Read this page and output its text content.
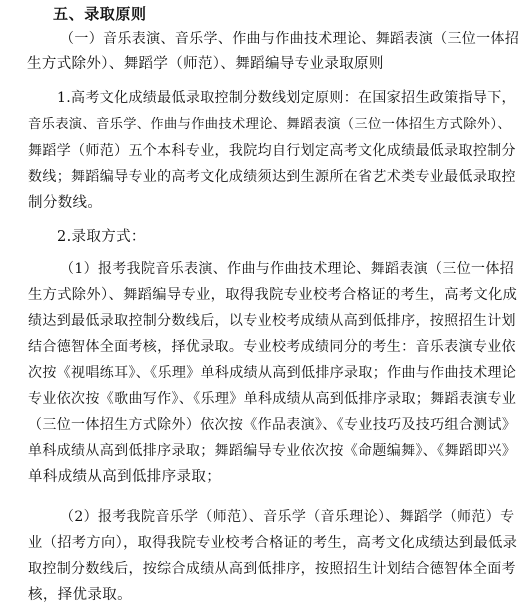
五、录取原则
（一）音乐表演、音乐学、作曲与作曲技术理论、舞蹈表演（三位一体招
生方式除外）、舞蹈学（师范）、舞蹈编导专业录取原则
1.高考文化成绩最低录取控制分数线划定原则：在国家招生政策指导下，
音乐表演、音乐学、作曲与作曲技术理论、舞蹈表演（三位一体招生方式除外）、
舞蹈学（师范）五个本科专业，我院均自行划定高考文化成绩最低录取控制分
数线；舞蹈编导专业的高考文化成绩须达到生源所在省艺术类专业最低录取控
制分数线。
2.录取方式：
（1）报考我院音乐表演、作曲与作曲技术理论、舞蹈表演（三位一体招
生方式除外）、舞蹈编导专业，取得我院专业校考合格证的考生，高考文化成
绩达到最低录取控制分数线后，以专业校考成绩从高到低排序，按照招生计划
结合德智体全面考核，择优录取。专业校考成绩同分的考生：音乐表演专业依
次按《视唱练耳》、《乐理》单科成绩从高到低排序录取；作曲与作曲技术理论
专业依次按《歌曲写作》、《乐理》单科成绩从高到低排序录取；舞蹈表演专业
（三位一体招生方式除外）依次按《作品表演》、《专业技巧及技巧组合测试》
单科成绩从高到低排序录取；舞蹈编导专业依次按《命题编舞》、《舞蹈即兴》
单科成绩从高到低排序录取；
（2）报考我院音乐学（师范）、音乐学（音乐理论）、舞蹈学（师范）专
业（招考方向），取得我院专业校考合格证的考生，高考文化成绩达到最低录
取控制分数线后，按综合成绩从高到低排序，按照招生计划结合德智体全面考
核，择优录取。
